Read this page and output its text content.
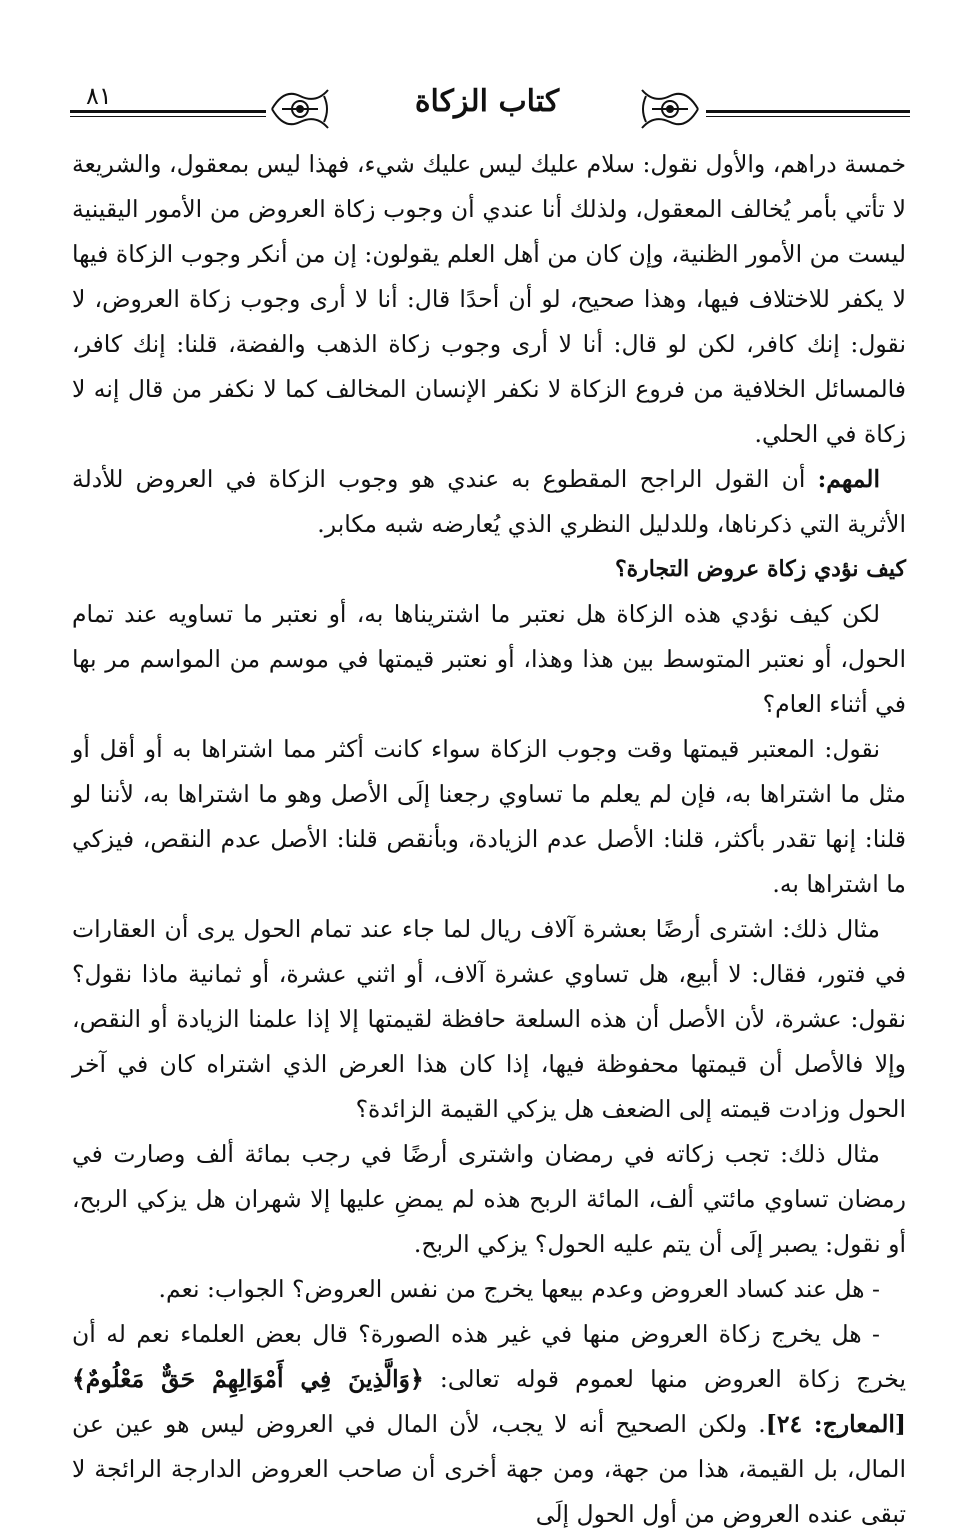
٨١	كتاب الزكاة

خمسة دراهم، والأول نقول: سلام عليك ليس عليك شيء، فهذا ليس بمعقول، والشريعة لا تأتي بأمر يُخالف المعقول، ولذلك أنا عندي أن وجوب زكاة العروض من الأمور اليقينية ليست من الأمور الظنية، وإن كان من أهل العلم يقولون: إن من أنكر وجوب الزكاة فيها لا يكفر للاختلاف فيها، وهذا صحيح، لو أن أحدًا قال: أنا لا أرى وجوب زكاة العروض، لا نقول: إنك كافر، لكن لو قال: أنا لا أرى وجوب زكاة الذهب والفضة، قلنا: إنك كافر، فالمسائل الخلافية من فروع الزكاة لا نكفر الإنسان المخالف كما لا نكفر من قال إنه لا زكاة في الحلي.

المهم: أن القول الراجح المقطوع به عندي هو وجوب الزكاة في العروض للأدلة الأثرية التي ذكرناها، وللدليل النظري الذي يُعارضه شبه مكابر.

كيف نؤدي زكاة عروض التجارة؟

لكن كيف نؤدي هذه الزكاة هل نعتبر ما اشتريناها به، أو نعتبر ما تساويه عند تمام الحول، أو نعتبر المتوسط بين هذا وهذا، أو نعتبر قيمتها في موسم من المواسم مر بها في أثناء العام؟

نقول: المعتبر قيمتها وقت وجوب الزكاة سواء كانت أكثر مما اشتراها به أو أقل أو مثل ما اشتراها به، فإن لم يعلم ما تساوي رجعنا إلَى الأصل وهو ما اشتراها به، لأننا لو قلنا: إنها تقدر بأكثر، قلنا: الأصل عدم الزيادة، وبأنقص قلنا: الأصل عدم النقص، فيزكي ما اشتراها به.

مثال ذلك: اشترى أرضًا بعشرة آلاف ريال لما جاء عند تمام الحول يرى أن العقارات في فتور، فقال: لا أبيع، هل تساوي عشرة آلاف، أو اثني عشرة، أو ثمانية ماذا نقول؟ نقول: عشرة، لأن الأصل أن هذه السلعة حافظة لقيمتها إلا إذا علمنا الزيادة أو النقص، وإلا فالأصل أن قيمتها محفوظة فيها، إذا كان هذا العرض الذي اشتراه كان في آخر الحول وزادت قيمته إلى الضعف هل يزكي القيمة الزائدة؟

مثال ذلك: تجب زكاته في رمضان واشترى أرضًا في رجب بمائة ألف وصارت في رمضان تساوي مائتي ألف، المائة الربح هذه لم يمضِ عليها إلا شهران هل يزكي الربح، أو نقول: يصبر إلَى أن يتم عليه الحول؟ يزكي الربح.

- هل عند كساد العروض وعدم بيعها يخرج من نفس العروض؟ الجواب: نعم.

- هل يخرج زكاة العروض منها في غير هذه الصورة؟ قال بعض العلماء نعم له أن يخرج زكاة العروض منها لعموم قوله تعالى: ﴿وَالَّذِينَ فِي أَمْوَالِهِمْ حَقٌّ مَعْلُومٌ﴾ [المعارج: ٢٤]. ولكن الصحيح أنه لا يجب، لأن المال في العروض ليس هو عين عن المال، بل القيمة، هذا من جهة، ومن جهة أخرى أن صاحب العروض الدارجة الرائجة لا تبقى عنده العروض من أول الحول إلَى
